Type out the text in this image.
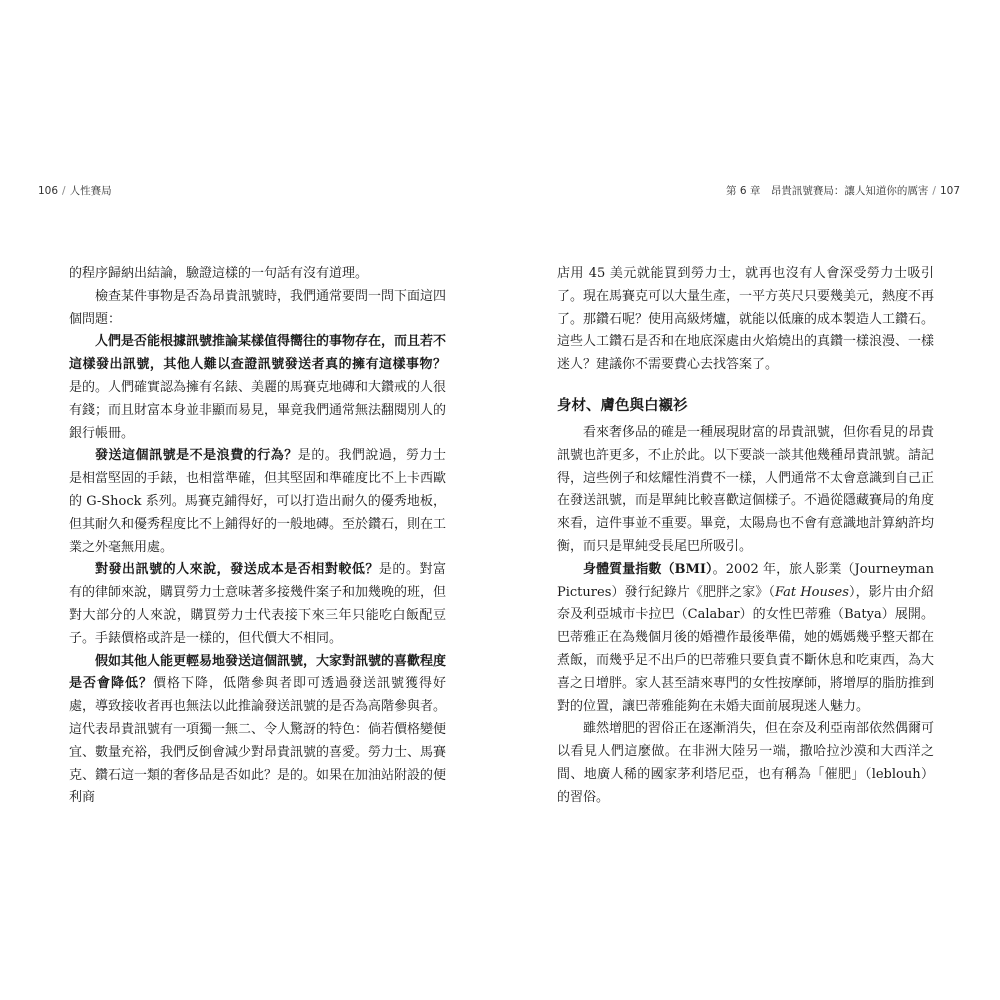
106 / 人性賽局	第 6 章　昂貴訊號賽局：讓人知道你的厲害 / 107

的程序歸納出結論，驗證這樣的一句話有沒有道理。

檢查某件事物是否為昂貴訊號時，我們通常要問一問下面這四個問題：

人們是否能根據訊號推論某樣值得嚮往的事物存在，而且若不這樣發出訊號，其他人難以查證訊號發送者真的擁有這樣事物？是的。人們確實認為擁有名錶、美麗的馬賽克地磚和大鑽戒的人很有錢；而且財富本身並非顯而易見，畢竟我們通常無法翻閱別人的銀行帳冊。

發送這個訊號是不是浪費的行為？是的。我們說過，勞力士是相當堅固的手錶，也相當準確，但其堅固和準確度比不上卡西歐的 G-Shock 系列。馬賽克鋪得好，可以打造出耐久的優秀地板，但其耐久和優秀程度比不上鋪得好的一般地磚。至於鑽石，則在工業之外毫無用處。

對發出訊號的人來說，發送成本是否相對較低？是的。對富有的律師來說，購買勞力士意味著多接幾件案子和加幾晚的班，但對大部分的人來說，購買勞力士代表接下來三年只能吃白飯配豆子。手錶價格或許是一樣的，但代價大不相同。

假如其他人能更輕易地發送這個訊號，大家對訊號的喜歡程度是否會降低？價格下降，低階參與者即可透過發送訊號獲得好處，導致接收者再也無法以此推論發送訊號的是否為高階參與者。這代表昂貴訊號有一項獨一無二、令人驚訝的特色：倘若價格變便宜、數量充裕，我們反倒會減少對昂貴訊號的喜愛。勞力士、馬賽克、鑽石這一類的奢侈品是否如此？是的。如果在加油站附設的便利商

店用 45 美元就能買到勞力士，就再也沒有人會深受勞力士吸引了。現在馬賽克可以大量生產，一平方英尺只要幾美元，熱度不再了。那鑽石呢？使用高級烤爐，就能以低廉的成本製造人工鑽石。這些人工鑽石是否和在地底深處由火焰燒出的真鑽一樣浪漫、一樣迷人？建議你不需要費心去找答案了。

身材、膚色與白襯衫

看來奢侈品的確是一種展現財富的昂貴訊號，但你看見的昂貴訊號也許更多，不止於此。以下要談一談其他幾種昂貴訊號。請記得，這些例子和炫耀性消費不一樣，人們通常不太會意識到自己正在發送訊號，而是單純比較喜歡這個樣子。不過從隱藏賽局的角度來看，這件事並不重要。畢竟，太陽鳥也不會有意識地計算納許均衡，而只是單純受長尾巴所吸引。

身體質量指數（BMI）。2002 年，旅人影業（Journeyman Pictures）發行紀錄片《肥胖之家》（Fat Houses），影片由介紹奈及利亞城市卡拉巴（Calabar）的女性巴蒂雅（Batya）展開。巴蒂雅正在為幾個月後的婚禮作最後準備，她的媽媽幾乎整天都在煮飯，而幾乎足不出戶的巴蒂雅只要負責不斷休息和吃東西，為大喜之日增胖。家人甚至請來專門的女性按摩師，將增厚的脂肪推到對的位置，讓巴蒂雅能夠在未婚夫面前展現迷人魅力。

雖然增肥的習俗正在逐漸消失，但在奈及利亞南部依然偶爾可以看見人們這麼做。在非洲大陸另一端，撒哈拉沙漠和大西洋之間、地廣人稀的國家茅利塔尼亞，也有稱為「催肥」（leblouh）的習俗。
